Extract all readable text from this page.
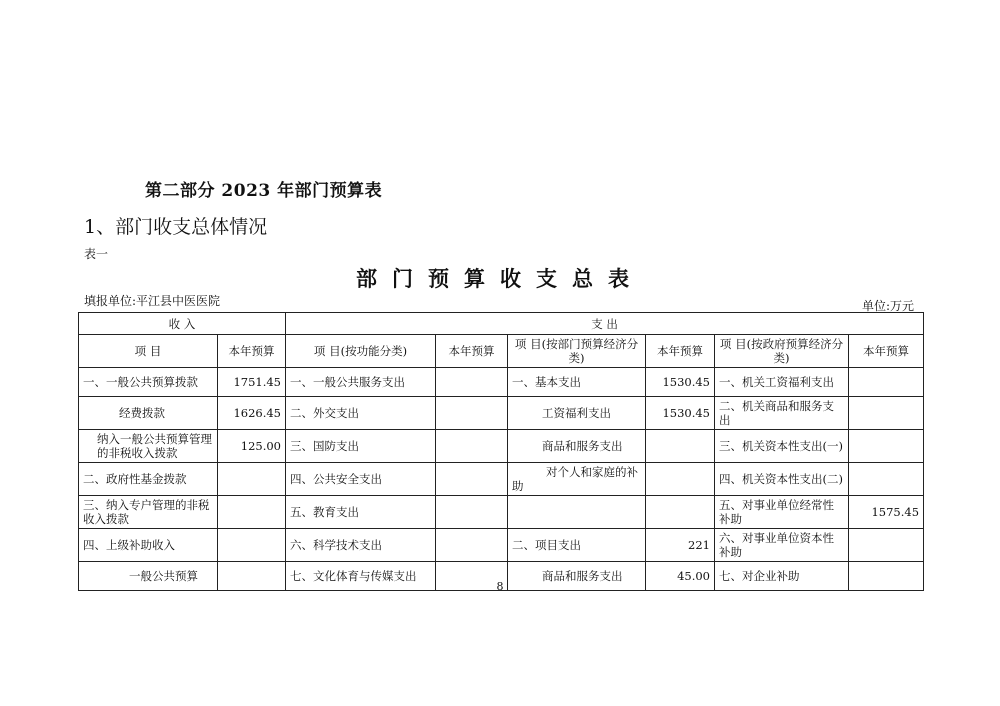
第二部分 2023 年部门预算表
1、部门收支总体情况
表一
部门预算收支总表
填报单位:平江县中医医院	单位:万元
收 入		支 出					
项 目	本年预算	项 目(按功能分类)	本年预算	项 目(按部门预算经济分类)	本年预算	项 目(按政府预算经济分类)	本年预算
一、一般公共预算拨款	1751.45	一、一般公共服务支出		一、基本支出	1530.45	一、机关工资福利支出	
经费拨款	1626.45	二、外交支出		工资福利支出	1530.45	二、机关商品和服务支出	
纳入一般公共预算管理的非税收入拨款	125.00	三、国防支出		商品和服务支出		三、机关资本性支出(一)	
二、政府性基金拨款		四、公共安全支出		对个人和家庭的补助		四、机关资本性支出(二)	
三、纳入专户管理的非税收入拨款		五、教育支出				五、对事业单位经常性补助	1575.45
四、上级补助收入		六、科学技术支出		二、项目支出	221	六、对事业单位资本性补助	
一般公共预算		七、文化体育与传媒支出		商品和服务支出	45.00	七、对企业补助	
8
